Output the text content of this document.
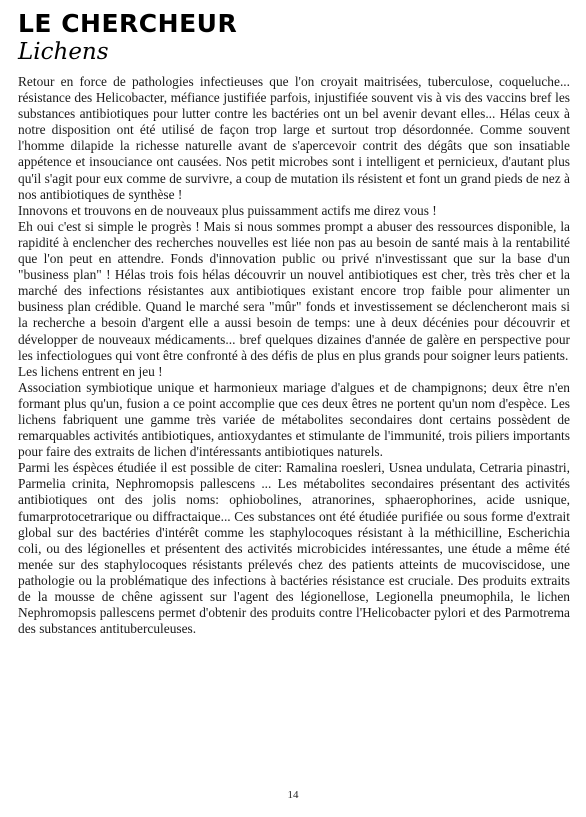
LE CHERCHEUR
Lichens

Retour en force de pathologies infectieuses que l'on croyait maitrisées, tuberculose, coqueluche... résistance des Helicobacter, méfiance justifiée parfois, injustifiée souvent vis à vis des vaccins bref les substances antibiotiques pour lutter contre les bactéries ont un bel avenir devant elles... Hélas ceux à notre disposition ont été utilisé de façon trop large et surtout trop désordonnée. Comme souvent l'homme dilapide la richesse naturelle avant de s'apercevoir contrit des dégâts que son insatiable appétence et insouciance ont causées. Nos petit microbes sont i intelligent et pernicieux, d'autant plus qu'il s'agit pour eux comme de survivre, a coup de mutation ils résistent et font un grand pieds de nez à nos antibiotiques de synthèse !

Innovons et trouvons en de nouveaux plus puissamment actifs me direz vous !

Eh oui c'est si simple le progrès ! Mais si nous sommes prompt a abuser des ressources disponible, la rapidité à enclencher des recherches nouvelles est liée non pas au besoin de santé mais à la rentabilité que l'on peut en attendre. Fonds d'innovation public ou privé n'investissant que sur la base d'un "business plan" ! Hélas trois fois hélas découvrir un nouvel antibiotiques est cher, très très cher et la marché des infections résistantes aux antibiotiques existant encore trop faible pour alimenter un business plan crédible. Quand le marché sera "mûr" fonds et investissement se déclencheront mais si la recherche a besoin d'argent elle a aussi besoin de temps: une à deux décénies pour découvrir et développer de nouveaux médicaments... bref quelques dizaines d'année de galère en perspective pour les infectiologues qui vont être confronté à des défis de plus en plus grands pour soigner leurs patients.

Les lichens entrent en jeu !

Association symbiotique unique et harmonieux mariage d'algues et de champignons; deux être n'en formant plus qu'un, fusion a ce point accomplie que ces deux êtres ne portent qu'un nom d'espèce. Les lichens fabriquent une gamme très variée de métabolites secondaires dont certains possèdent de remarquables activités antibiotiques, antioxydantes et stimulante de l'immunité, trois piliers importants pour faire des extraits de lichen d'intéressants antibiotiques naturels.

Parmi les éspèces étudiée il est possible de citer: Ramalina roesleri, Usnea undulata, Cetraria pinastri, Parmelia crinita, Nephromopsis pallescens ... Les métabolites secondaires présentant des activités antibiotiques ont des jolis noms: ophiobolines, atranorines, sphaerophorines, acide usnique, fumarprotocetrarique ou diffractaique... Ces substances ont été étudiée purifiée ou sous forme d'extrait global sur des bactéries d'intérêt comme les staphylocoques résistant à la méthicilline, Escherichia coli, ou des légionelles et présentent des activités microbicides intéressantes, une étude a même été menée sur des staphylocoques résistants prélevés chez des patients atteints de mucoviscidose, une pathologie ou la problématique des infections à bactéries résistance est cruciale. Des produits extraits de la mousse de chêne agissent sur l'agent des légionellose, Legionella pneumophila, le lichen Nephromopsis pallescens permet d'obtenir des produits contre l'Helicobacter pylori et des Parmotrema des substances antituberculeuses.

14
